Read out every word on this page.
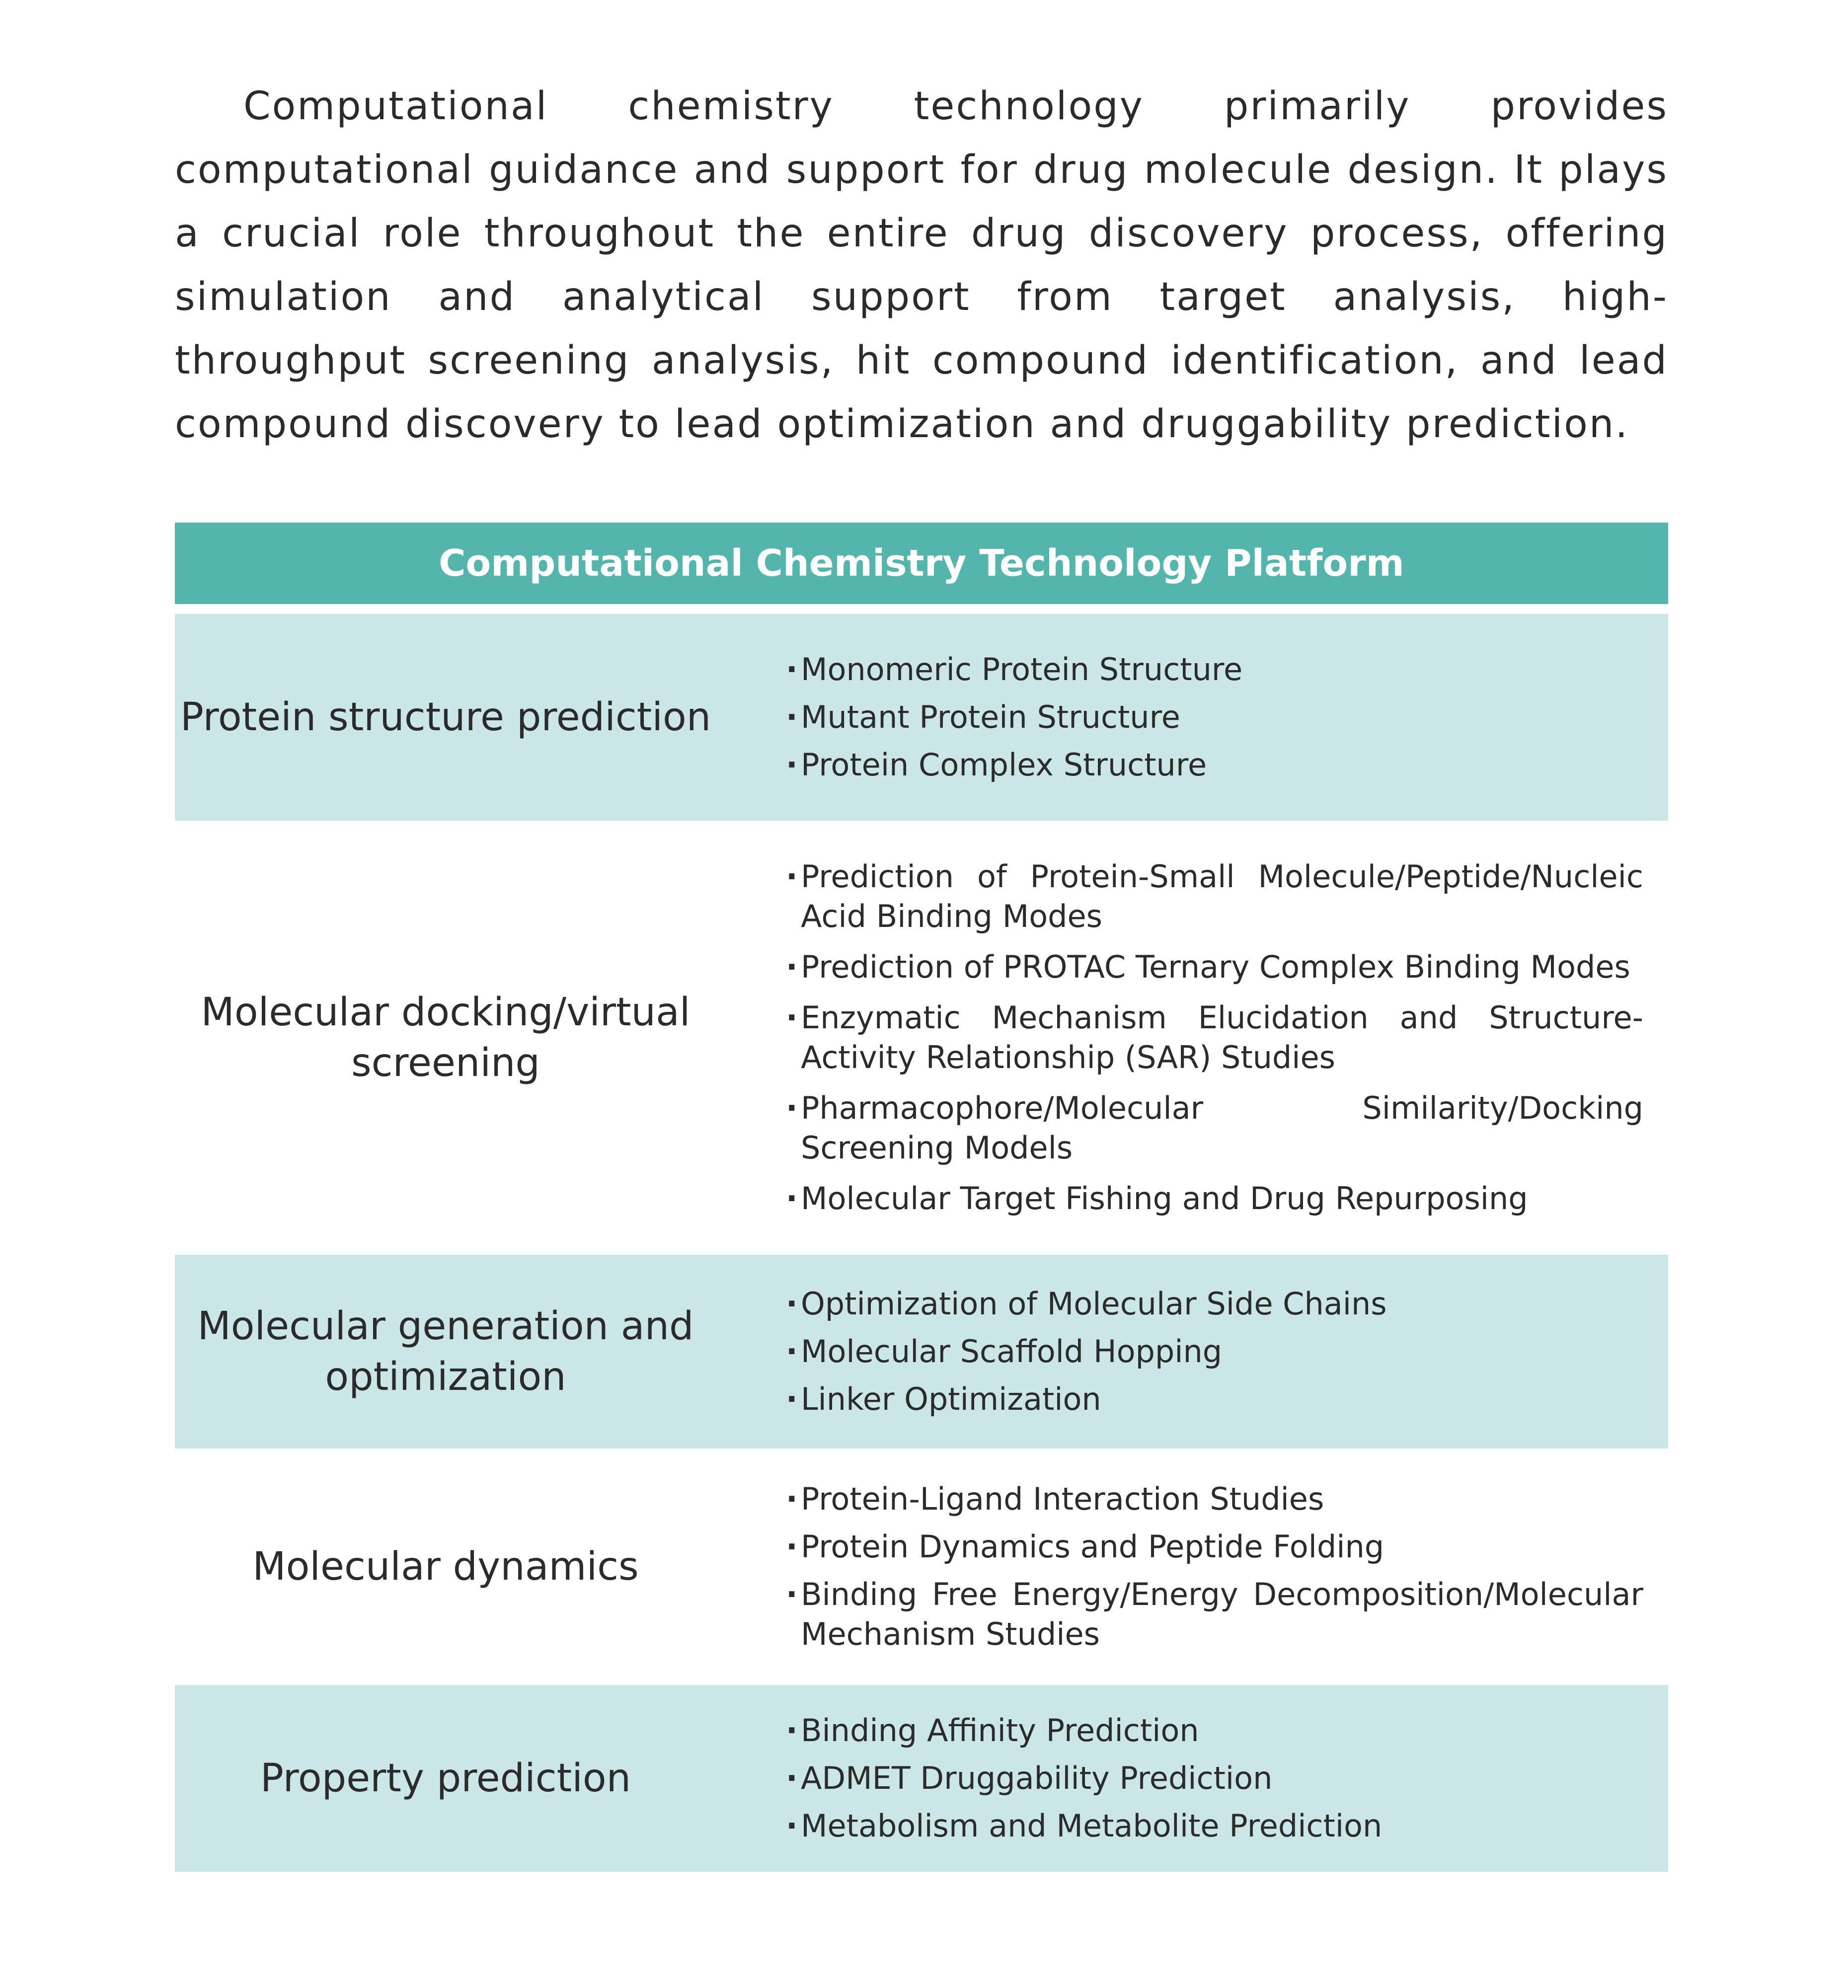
Computational chemistry technology primarily provides computational guidance and support for drug molecule design. It plays a crucial role throughout the entire drug discovery process, offering simulation and analytical support from target analysis, high-throughput screening analysis, hit compound identification, and lead compound discovery to lead optimization and druggability prediction.

Computational Chemistry Technology Platform
Protein structure prediction
· Monomeric Protein Structure
· Mutant Protein Structure
· Protein Complex Structure
Molecular docking/virtual screening
· Prediction of Protein-Small Molecule/Peptide/Nucleic Acid Binding Modes
· Prediction of PROTAC Ternary Complex Binding Modes
· Enzymatic Mechanism Elucidation and Structure-Activity Relationship (SAR) Studies
· Pharmacophore/Molecular Similarity/Docking Screening Models
· Molecular Target Fishing and Drug Repurposing
Molecular generation and optimization
· Optimization of Molecular Side Chains
· Molecular Scaffold Hopping
· Linker Optimization
Molecular dynamics
· Protein-Ligand Interaction Studies
· Protein Dynamics and Peptide Folding
· Binding Free Energy/Energy Decomposition/Molecular Mechanism Studies
Property prediction
· Binding Affinity Prediction
· ADMET Druggability Prediction
· Metabolism and Metabolite Prediction
